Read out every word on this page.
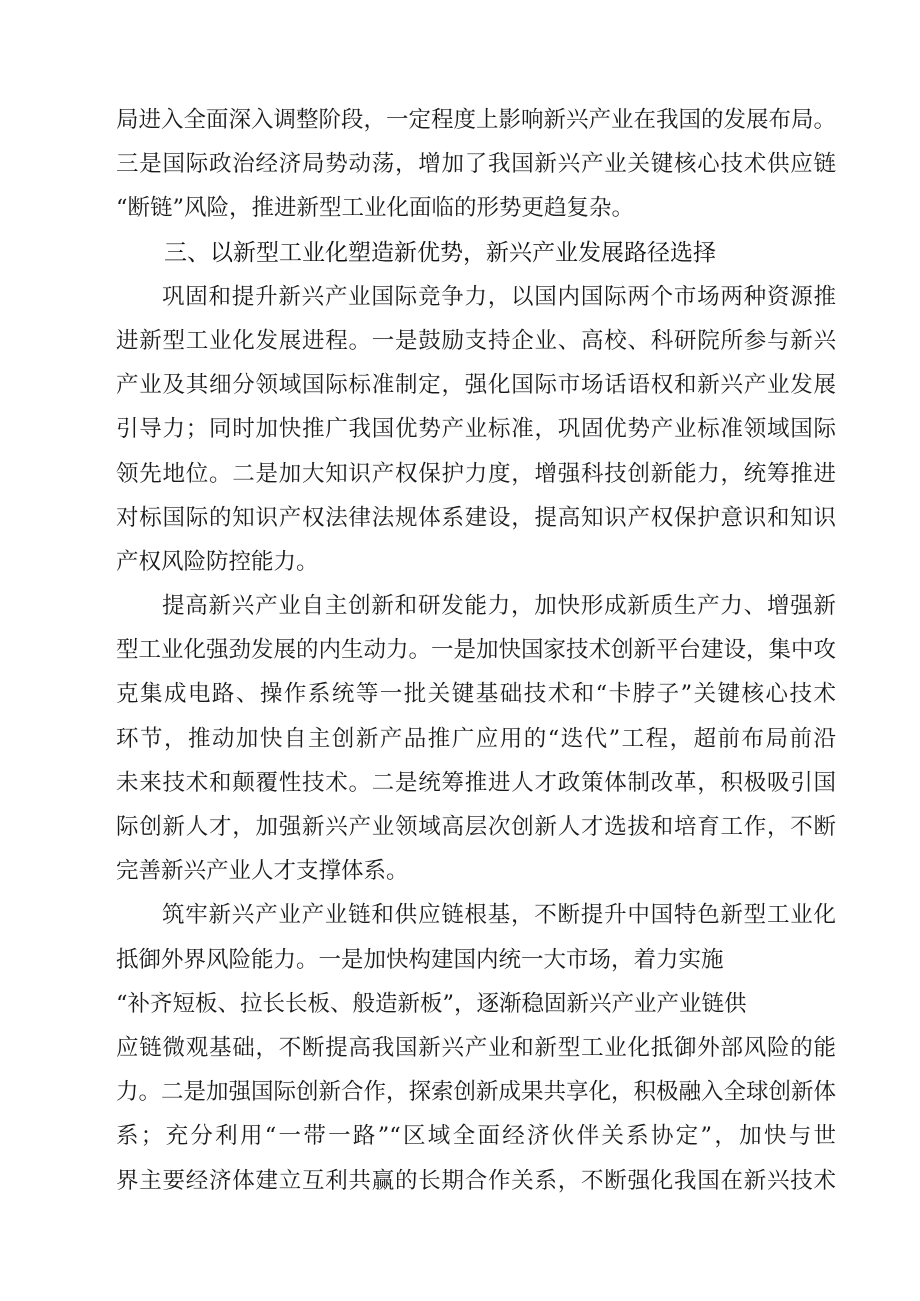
局进入全面深入调整阶段，一定程度上影响新兴产业在我国的发展布局。
三是国际政治经济局势动荡，增加了我国新兴产业关键核心技术供应链
“断链”风险，推进新型工业化面临的形势更趋复杂。
三、以新型工业化塑造新优势，新兴产业发展路径选择
巩固和提升新兴产业国际竞争力，以国内国际两个市场两种资源推
进新型工业化发展进程。一是鼓励支持企业、高校、科研院所参与新兴
产业及其细分领域国际标准制定，强化国际市场话语权和新兴产业发展
引导力；同时加快推广我国优势产业标准，巩固优势产业标准领域国际
领先地位。二是加大知识产权保护力度，增强科技创新能力，统筹推进
对标国际的知识产权法律法规体系建设，提高知识产权保护意识和知识
产权风险防控能力。
提高新兴产业自主创新和研发能力，加快形成新质生产力、增强新
型工业化强劲发展的内生动力。一是加快国家技术创新平台建设，集中攻
克集成电路、操作系统等一批关键基础技术和“卡脖子”关键核心技术
环节，推动加快自主创新产品推广应用的“迭代”工程，超前布局前沿
未来技术和颠覆性技术。二是统筹推进人才政策体制改革，积极吸引国
际创新人才，加强新兴产业领域高层次创新人才选拔和培育工作，不断
完善新兴产业人才支撑体系。
筑牢新兴产业产业链和供应链根基，不断提升中国特色新型工业化
抵御外界风险能力。一是加快构建国内统一大市场，着力实施
“补齐短板、拉长长板、般造新板”，逐渐稳固新兴产业产业链供
应链微观基础，不断提高我国新兴产业和新型工业化抵御外部风险的能
力。二是加强国际创新合作，探索创新成果共享化，积极融入全球创新体
系；充分利用“一带一路”“区域全面经济伙伴关系协定”，加快与世
界主要经济体建立互利共赢的长期合作关系，不断强化我国在新兴技术
